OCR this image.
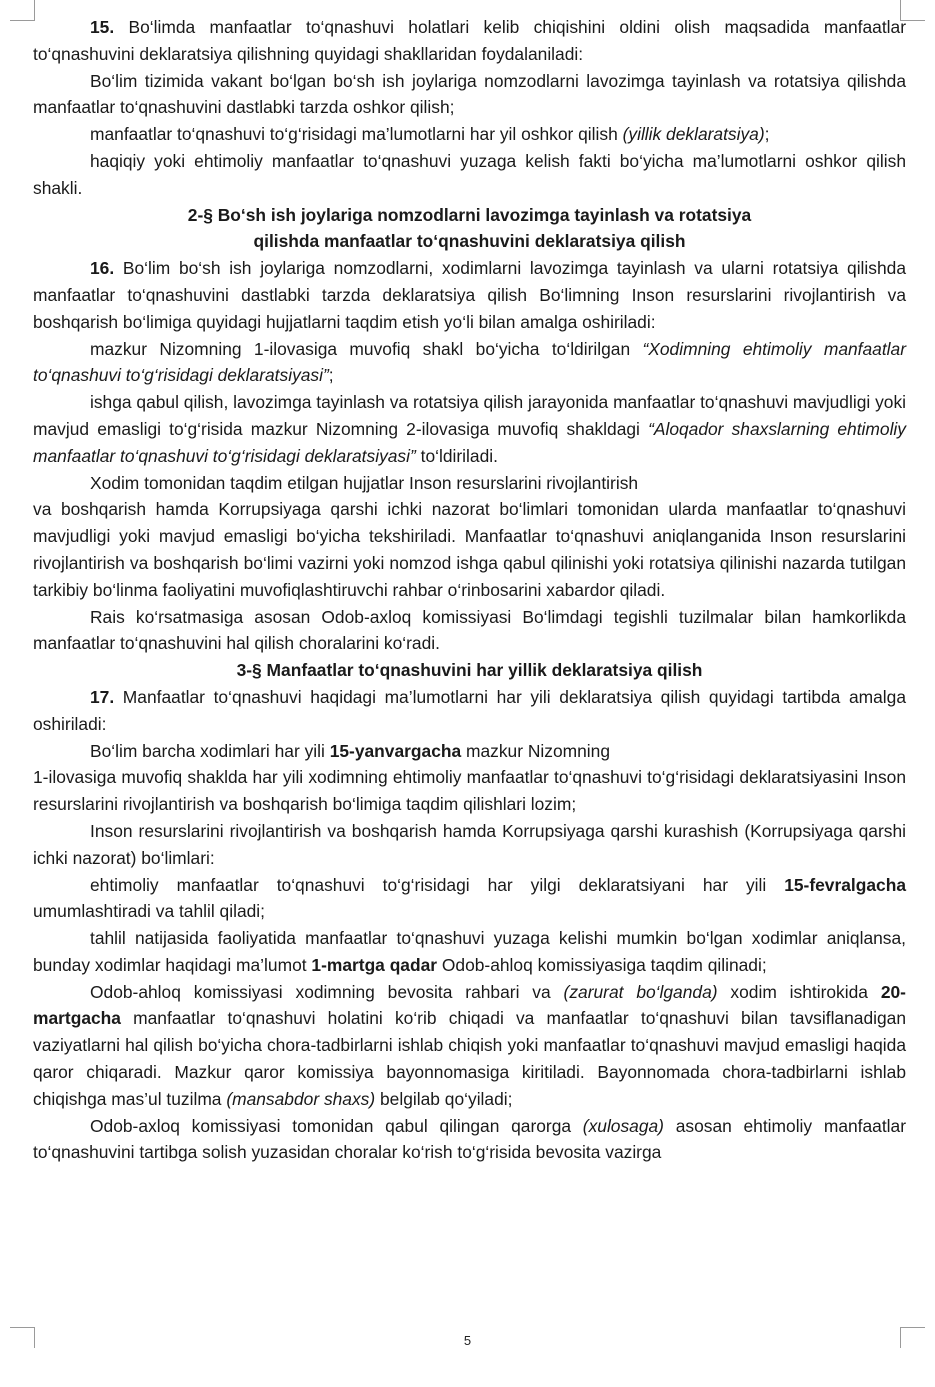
15. Bo‘limda manfaatlar to‘qnashuvi holatlari kelib chiqishini oldini olish maqsadida manfaatlar to‘qnashuvini deklaratsiya qilishning quyidagi shakllaridan foydalaniladi:

Bo‘lim tizimida vakant bo‘lgan bo‘sh ish joylariga nomzodlarni lavozimga tayinlash va rotatsiya qilishda manfaatlar to‘qnashuvini dastlabki tarzda oshkor qilish;

manfaatlar to‘qnashuvi to‘g‘risidagi ma’lumotlarni har yil oshkor qilish (yillik deklaratsiya);

haqiqiy yoki ehtimoliy manfaatlar to‘qnashuvi yuzaga kelish fakti bo‘yicha ma’lumotlarni oshkor qilish shakli.

2-§ Bo‘sh ish joylariga nomzodlarni lavozimga tayinlash va rotatsiya
qilishda manfaatlar to‘qnashuvini deklaratsiya qilish

16. Bo‘lim bo‘sh ish joylariga nomzodlarni, xodimlarni lavozimga tayinlash va ularni rotatsiya qilishda manfaatlar to‘qnashuvini dastlabki tarzda deklaratsiya qilish Bo‘limning Inson resurslarini rivojlantirish va boshqarish bo‘limiga quyidagi hujjatlarni taqdim etish yo‘li bilan amalga oshiriladi:

mazkur Nizomning 1-ilovasiga muvofiq shakl bo‘yicha to‘ldirilgan “Xodimning ehtimoliy manfaatlar to‘qnashuvi to‘g‘risidagi deklaratsiyasi”;

ishga qabul qilish, lavozimga tayinlash va rotatsiya qilish jarayonida manfaatlar to‘qnashuvi mavjudligi yoki mavjud emasligi to‘g‘risida mazkur Nizomning 2-ilovasiga muvofiq shakldagi “Aloqador shaxslarning ehtimoliy manfaatlar to‘qnashuvi to‘g‘risidagi deklaratsiyasi” to‘ldiriladi.

Xodim tomonidan taqdim etilgan hujjatlar Inson resurslarini rivojlantirish

va boshqarish hamda Korrupsiyaga qarshi ichki nazorat bo‘limlari tomonidan ularda manfaatlar to‘qnashuvi mavjudligi yoki mavjud emasligi bo‘yicha tekshiriladi. Manfaatlar to‘qnashuvi aniqlanganida Inson resurslarini rivojlantirish va boshqarish bo‘limi vazirni yoki nomzod ishga qabul qilinishi yoki rotatsiya qilinishi nazarda tutilgan tarkibiy bo‘linma faoliyatini muvofiqlashtiruvchi rahbar o‘rinbosarini xabardor qiladi.

Rais ko‘rsatmasiga asosan Odob-axloq komissiyasi Bo‘limdagi tegishli tuzilmalar bilan hamkorlikda manfaatlar to‘qnashuvini hal qilish choralarini ko‘radi.

3-§ Manfaatlar to‘qnashuvini har yillik deklaratsiya qilish

17. Manfaatlar to‘qnashuvi haqidagi ma’lumotlarni har yili deklaratsiya qilish quyidagi tartibda amalga oshiriladi:

Bo‘lim barcha xodimlari har yili 15-yanvargacha mazkur Nizomning

1-ilovasiga muvofiq shaklda har yili xodimning ehtimoliy manfaatlar to‘qnashuvi to‘g‘risidagi deklaratsiyasini Inson resurslarini rivojlantirish va boshqarish bo‘limiga taqdim qilishlari lozim;

Inson resurslarini rivojlantirish va boshqarish hamda Korrupsiyaga qarshi kurashish (Korrupsiyaga qarshi ichki nazorat) bo‘limlari:

ehtimoliy manfaatlar to‘qnashuvi to‘g‘risidagi har yilgi deklaratsiyani har yili 15-fevralgacha umumlashtiradi va tahlil qiladi;

tahlil natijasida faoliyatida manfaatlar to‘qnashuvi yuzaga kelishi mumkin bo‘lgan xodimlar aniqlansa, bunday xodimlar haqidagi ma’lumot 1-martga qadar Odob-ahloq komissiyasiga taqdim qilinadi;

Odob-ahloq komissiyasi xodimning bevosita rahbari va (zarurat bo‘lganda) xodim ishtirokida 20-martgacha manfaatlar to‘qnashuvi holatini ko‘rib chiqadi va manfaatlar to‘qnashuvi bilan tavsiflanadigan vaziyatlarni hal qilish bo‘yicha chora-tadbirlarni ishlab chiqish yoki manfaatlar to‘qnashuvi mavjud emasligi haqida qaror chiqaradi. Mazkur qaror komissiya bayonnomasiga kiritiladi. Bayonnomada chora-tadbirlarni ishlab chiqishga mas’ul tuzilma (mansabdor shaxs) belgilab qo‘yiladi;

Odob-axloq komissiyasi tomonidan qabul qilingan qarorga (xulosaga) asosan ehtimoliy manfaatlar to‘qnashuvini tartibga solish yuzasidan choralar ko‘rish to‘g‘risida bevosita vazirga

5
